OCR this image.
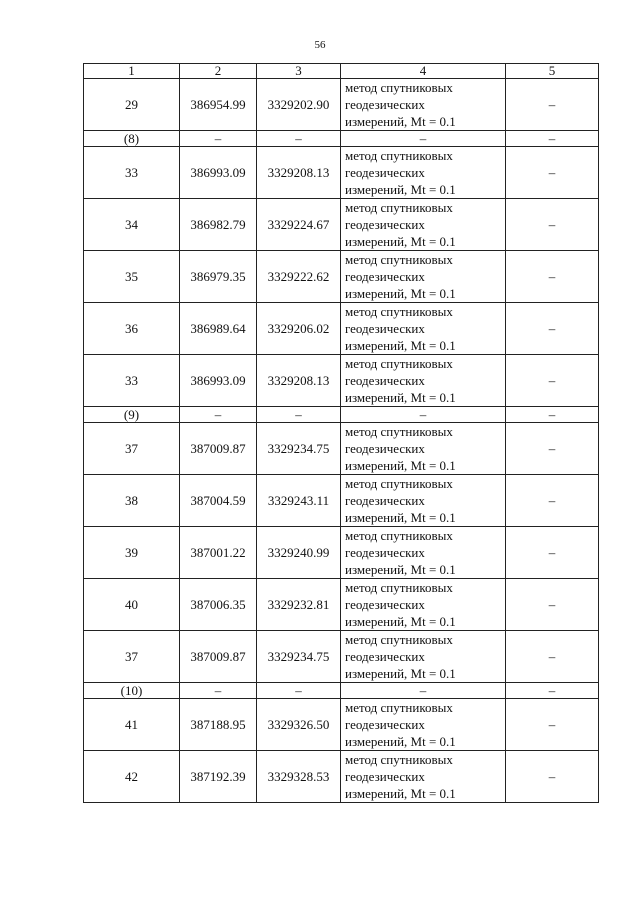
56
1	2	3	4	5
29	386954.99	3329202.90	метод спутниковых
геодезических
измерений, Mt = 0.1	–
(8)	–	–	–	–
33	386993.09	3329208.13	метод спутниковых
геодезических
измерений, Mt = 0.1	–
34	386982.79	3329224.67	метод спутниковых
геодезических
измерений, Mt = 0.1	–
35	386979.35	3329222.62	метод спутниковых
геодезических
измерений, Mt = 0.1	–
36	386989.64	3329206.02	метод спутниковых
геодезических
измерений, Mt = 0.1	–
33	386993.09	3329208.13	метод спутниковых
геодезических
измерений, Mt = 0.1	–
(9)	–	–	–	–
37	387009.87	3329234.75	метод спутниковых
геодезических
измерений, Mt = 0.1	–
38	387004.59	3329243.11	метод спутниковых
геодезических
измерений, Mt = 0.1	–
39	387001.22	3329240.99	метод спутниковых
геодезических
измерений, Mt = 0.1	–
40	387006.35	3329232.81	метод спутниковых
геодезических
измерений, Mt = 0.1	–
37	387009.87	3329234.75	метод спутниковых
геодезических
измерений, Mt = 0.1	–
(10)	–	–	–	–
41	387188.95	3329326.50	метод спутниковых
геодезических
измерений, Mt = 0.1	–
42	387192.39	3329328.53	метод спутниковых
геодезических
измерений, Mt = 0.1	–
